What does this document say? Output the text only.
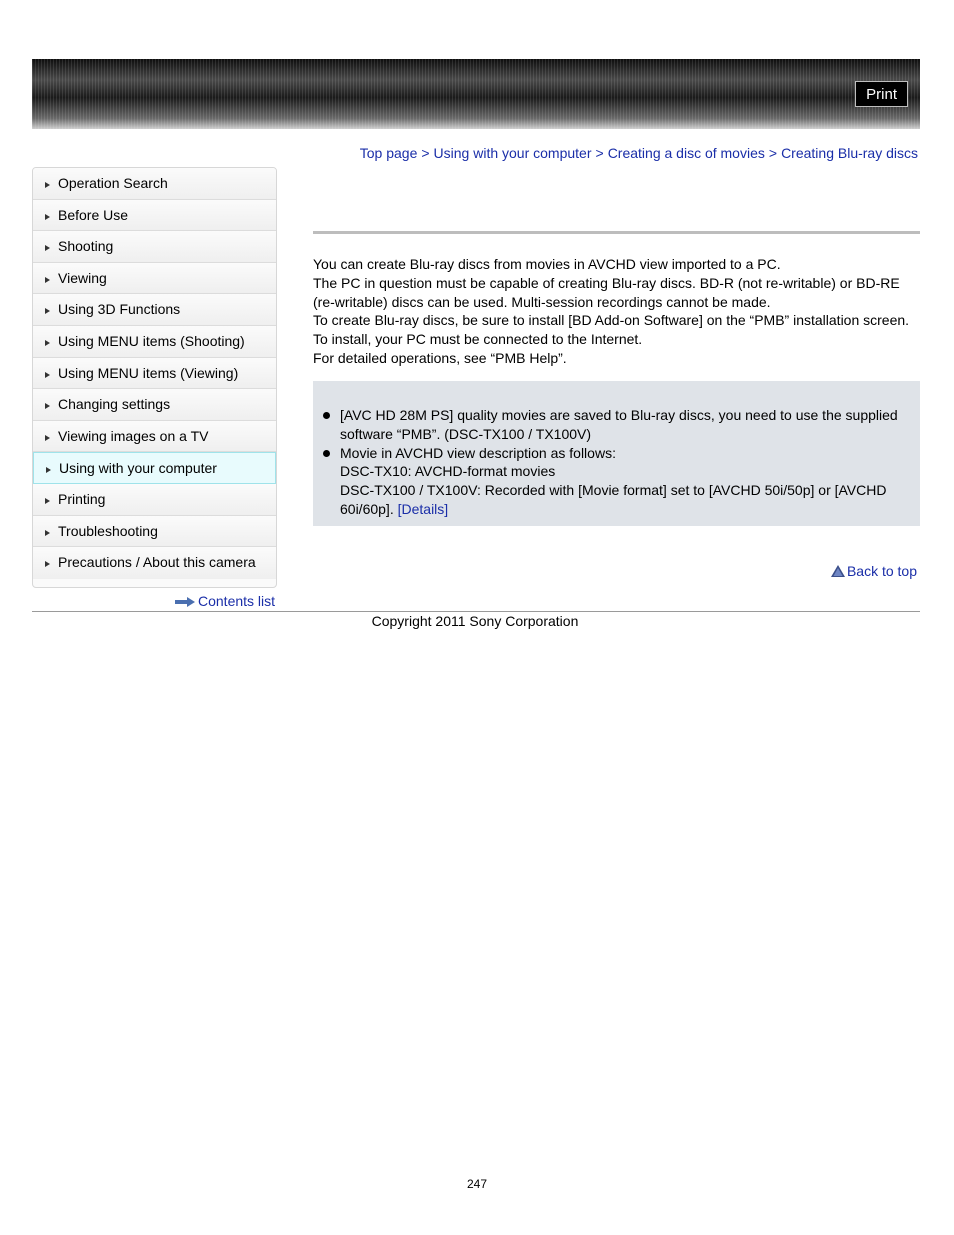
Print
Top page > Using with your computer > Creating a disc of movies > Creating Blu-ray discs
Operation Search
Before Use
Shooting
Viewing
Using 3D Functions
Using MENU items (Shooting)
Using MENU items (Viewing)
Changing settings
Viewing images on a TV
Using with your computer
Printing
Troubleshooting
Precautions / About this camera
Contents list

You can create Blu-ray discs from movies in AVCHD view imported to a PC.

The PC in question must be capable of creating Blu-ray discs. BD-R (not re-writable) or BD-RE (re-writable) discs can be used. Multi-session recordings cannot be made.

To create Blu-ray discs, be sure to install [BD Add-on Software] on the “PMB” installation screen. To install, your PC must be connected to the Internet.

For detailed operations, see “PMB Help”.

[AVC HD 28M PS] quality movies are saved to Blu-ray discs, you need to use the supplied software “PMB”. (DSC-TX100 / TX100V)

Movie in AVCHD view description as follows:

DSC-TX10: AVCHD-format movies

DSC-TX100 / TX100V: Recorded with [Movie format] set to [AVCHD 50i/50p] or [AVCHD 60i/60p]. [Details]

Back to top
Copyright 2011 Sony Corporation
247
